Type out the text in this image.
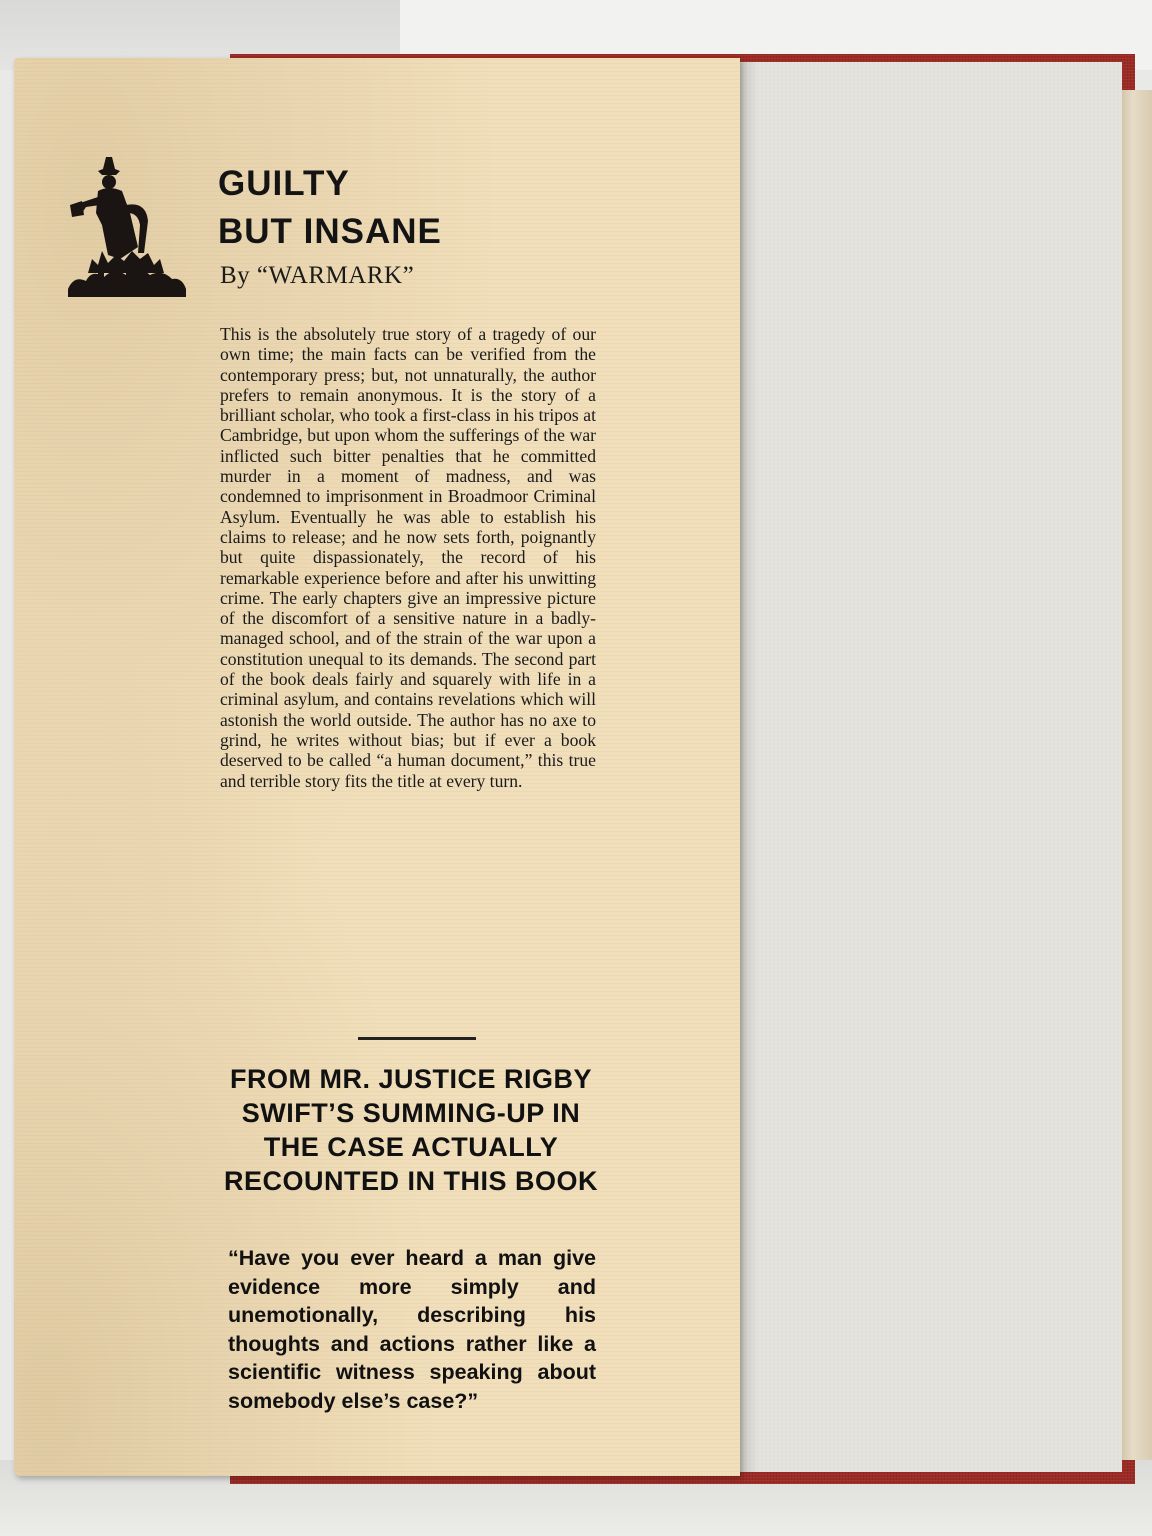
GUILTY
BUT INSANE
By “WARMARK”

This is the absolutely true story of a tragedy of our own time; the main facts can be verified from the contemporary press; but, not unnaturally, the author prefers to remain anonymous. It is the story of a brilliant scholar, who took a first-class in his tripos at Cambridge, but upon whom the sufferings of the war inflicted such bitter penalties that he committed murder in a moment of madness, and was condemned to imprisonment in Broadmoor Criminal Asylum. Eventually he was able to establish his claims to release; and he now sets forth, poignantly but quite dispassionately, the record of his remarkable experience before and after his unwitting crime. The early chapters give an impressive picture of the discomfort of a sensitive nature in a badly-managed school, and of the strain of the war upon a constitution unequal to its demands. The second part of the book deals fairly and squarely with life in a criminal asylum, and contains revelations which will astonish the world outside. The author has no axe to grind, he writes without bias; but if ever a book deserved to be called “a human document,” this true and terrible story fits the title at every turn.

FROM MR. JUSTICE RIGBY SWIFT’S SUMMING-UP IN THE CASE ACTUALLY RECOUNTED IN THIS BOOK

“Have you ever heard a man give evidence more simply and unemotionally, describing his thoughts and actions rather like a scientific witness speaking about somebody else’s case?”
